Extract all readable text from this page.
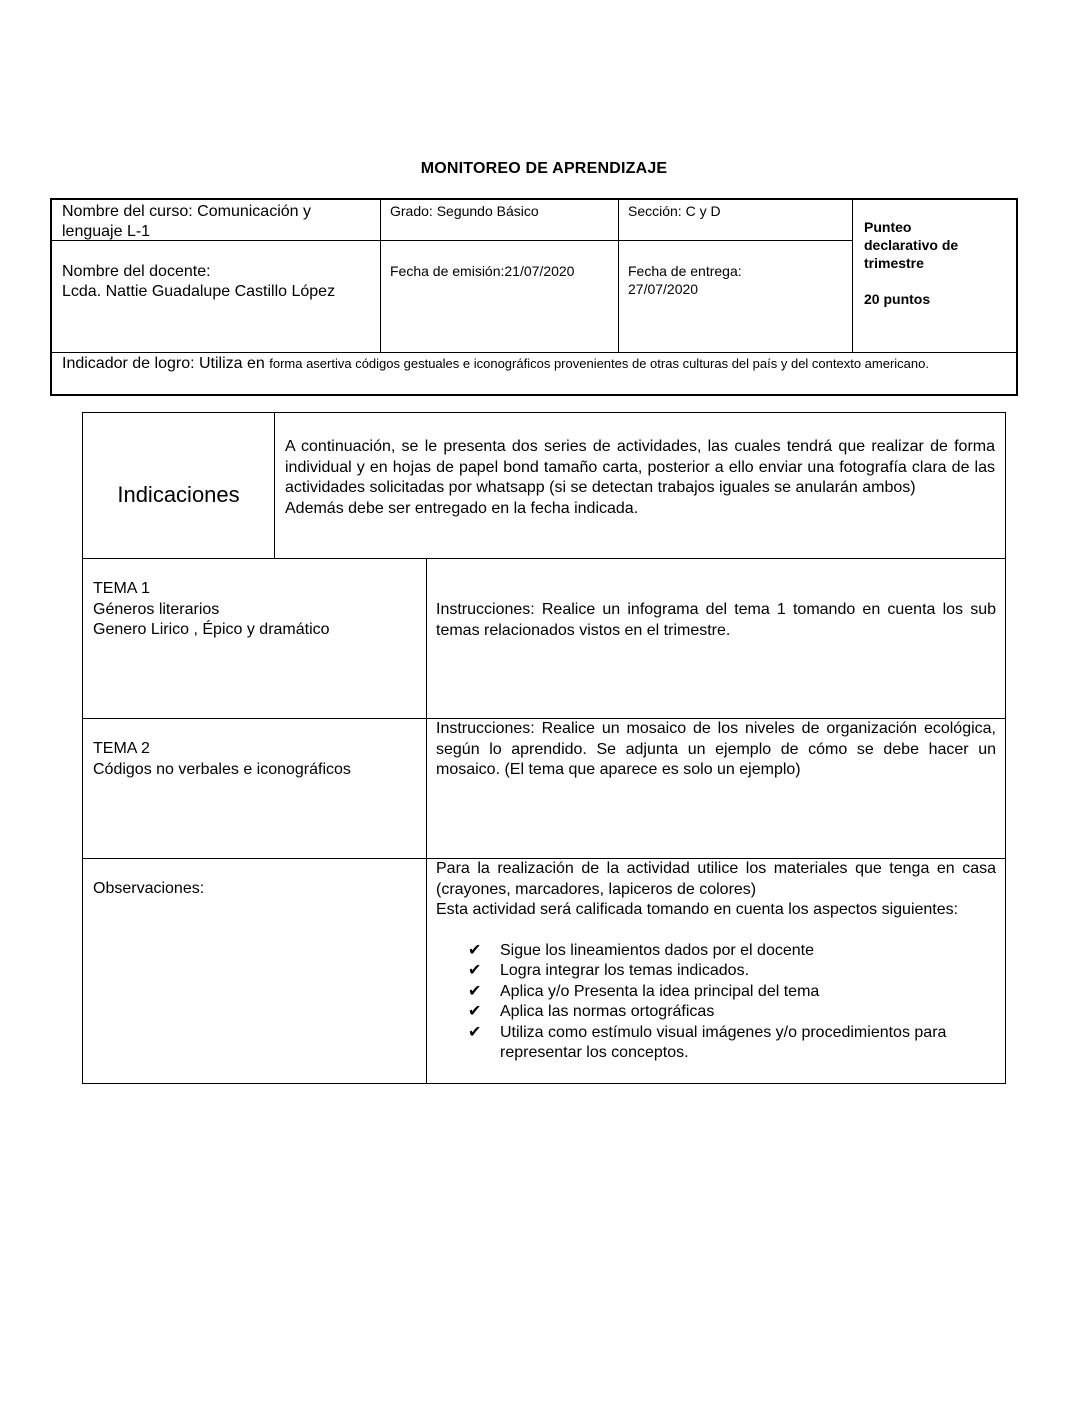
MONITOREO DE APRENDIZAJE
Nombre del curso: Comunicación y lenguaje L-1
Grado: Segundo Básico	Sección: C y D
Punteo
declarativo de
trimestre
20 puntos
Nombre del docente:
Lcda. Nattie Guadalupe Castillo López
Fecha de emisión:21/07/2020	Fecha de entrega:
27/07/2020
Indicador de logro: Utiliza en forma asertiva códigos gestuales e iconográficos provenientes de otras culturas del país y del contexto americano.
Indicaciones
A continuación, se le presenta dos series de actividades, las cuales tendrá que realizar de forma individual y en hojas de papel bond tamaño carta, posterior a ello enviar una fotografía clara de las actividades solicitadas por whatsapp (si se detectan trabajos iguales se anularán ambos)
Además debe ser entregado en la fecha indicada.
TEMA 1
Géneros literarios
Genero Lirico , Épico y dramático
Instrucciones: Realice un infograma del tema 1 tomando en cuenta los sub temas relacionados vistos en el trimestre.
TEMA 2
Códigos no verbales e iconográficos
Instrucciones: Realice un mosaico de los niveles de organización ecológica, según lo aprendido. Se adjunta un ejemplo de cómo se debe hacer un mosaico. (El tema que aparece es solo un ejemplo)
Observaciones:
Para la realización de la actividad utilice los materiales que tenga en casa (crayones, marcadores, lapiceros de colores)
Esta actividad será calificada tomando en cuenta los aspectos siguientes:
✔ Sigue los lineamientos dados por el docente
✔ Logra integrar los temas indicados.
✔ Aplica y/o Presenta la idea principal del tema
✔ Aplica las normas ortográficas
✔ Utiliza como estímulo visual imágenes y/o procedimientos para representar los conceptos.
